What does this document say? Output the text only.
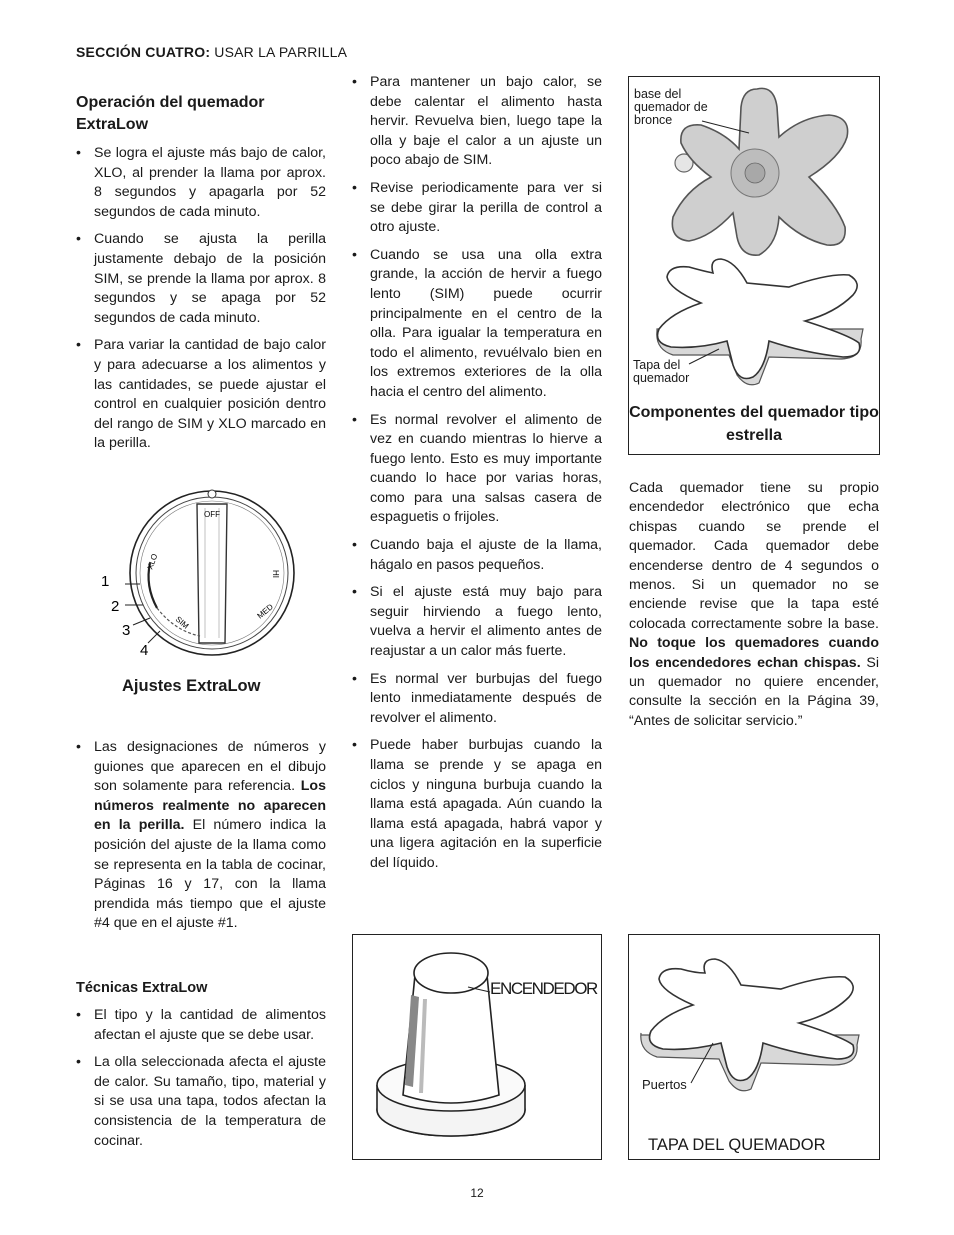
SECCIÓN CUATRO: USAR LA PARRILLA
Operación del quemador ExtraLow
• Se logra el ajuste más bajo de calor, XLO, al prender la llama por aprox. 8 segundos y apagarla por 52 segundos de cada minuto.
• Cuando se ajusta la perilla justamente debajo de la posición SIM, se prende la llama por aprox. 8 segundos y se apaga por 52 segundos de cada minuto.
• Para variar la cantidad de bajo calor y para adecuarse a los alimentos y las cantidades, se puede ajustar el control en cualquier posición dentro del rango de SIM y XLO marcado en la perilla.
OFF
XLO
SIM
MED
HI
1
2
3
4
Ajustes ExtraLow
• Las designaciones de números y guiones que aparecen en el dibujo son solamente para referencia. Los números realmente no aparecen en la perilla. El número indica la posición del ajuste de la llama como se representa en la tabla de cocinar, Páginas 16 y 17, con la llama prendida más tiempo que el ajuste #4 que en el ajuste #1.
Técnicas ExtraLow
• El tipo y la cantidad de alimentos afectan el ajuste que se debe usar.
• La olla seleccionada afecta el ajuste de calor. Su tamaño, tipo, material y si se usa una tapa, todos afectan la consistencia de la temperatura de cocinar.
• Para mantener un bajo calor, se debe calentar el alimento hasta hervir. Revuelva bien, luego tape la olla y baje el calor a un ajuste un poco abajo de SIM.
• Revise periodicamente para ver si se debe girar la perilla de control a otro ajuste.
• Cuando se usa una olla extra grande, la acción de hervir a fuego lento (SIM) puede ocurrir principalmente en el centro de la olla. Para igualar la temperatura en todo el alimento, revuélvalo bien en los extremos exteriores de la olla hacia el centro del alimento.
• Es normal revolver el alimento de vez en cuando mientras lo hierve a fuego lento. Esto es muy importante cuando lo hace por varias horas, como para una salsas casera de espaguetis o frijoles.
• Cuando baja el ajuste de la llama, hágalo en pasos pequeños.
• Si el ajuste está muy bajo para seguir hirviendo a fuego lento, vuelva a hervir el alimento antes de reajustar a un calor más fuerte.
• Es normal ver burbujas del fuego lento inmediatamente después de revolver el alimento.
• Puede haber burbujas cuando la llama se prende y se apaga en ciclos y ninguna burbuja cuando la llama está apagada. Aún cuando la llama está apagada, habrá vapor y una ligera agitación en la superficie del líquido.
ENCENDEDOR
base del quemador de bronce
Tapa del quemador
Componentes del quemador tipo estrella

Cada quemador tiene su propio encendedor electrónico que echa chispas cuando se prende el quemador. Cada quemador debe encenderse dentro de 4 segundos o menos. Si un quemador no se enciende revise que la tapa esté colocada correctamente sobre la base. No toque los quemadores cuando los encendedores echan chispas. Si un quemador no quiere encender, consulte la sección en la Página 39, “Antes de solicitar servicio.”

Puertos
TAPA DEL QUEMADOR
12
